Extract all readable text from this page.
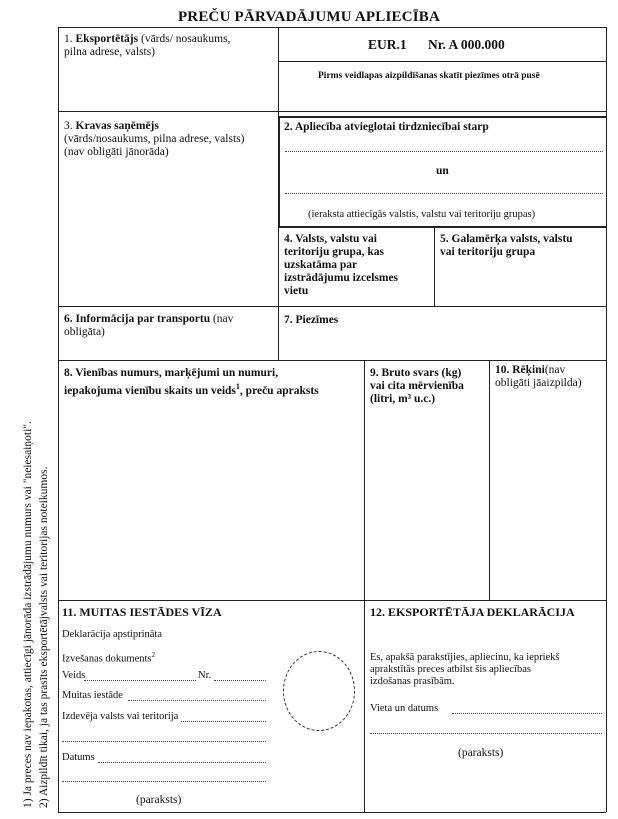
PREČU PĀRVADĀJUMU APLIECĪBA
1. Eksportētājs (vārds/ nosaukums,
pilna adrese, valsts)	EUR.1 Nr. A 000.000
Pirms veidlapas aizpildīšanas skatīt piezīmes otrā pusē
3. Kravas saņēmējs
(vārds/nosaukums, pilna adrese, valsts)
(nav obligāti jānorāda)
2. Apliecība atvieglotai tirdzniecībai starp
un
(ieraksta attiecīgās valstis, valstu vai teritoriju grupas)
4. Valsts, valstu vai
teritoriju grupa, kas
uzskatāma par
izstrādājumu izcelsmes
vietu
5. Galamērķa valsts, valstu
vai teritoriju grupa
6. Informācija par transportu (nav
obligāta)
7. Piezīmes
8. Vienības numurs, marķējumi un numuri,
iepakojuma vienību skaits un veids$^1$, preču apraksts
9. Bruto svars (kg)
vai cita mērvienība
(litri, m³ u.c.)
10. Rēķini(nav
obligāti jāaizpilda)
11. MUITAS IESTĀDES VĪZA
Deklarācija apstiprināta
Izvešanas dokuments$^2$
Veids	Nr.
Muitas iestāde
Izdevēja valsts vai teritorija
Datums
(paraksts)
12. EKSPORTĒTĀJA DEKLARĀCIJA
Es, apakšā parakstījies, apliecinu, ka iepriekš
aprakstītās preces atbilst šis apliecības
izdošanas prasībām.
Vieta un datums
(paraksts)
1) Ja preces nav iepakotas, attiecīgi jānorāda izstrādājumu numurs vai "neiesaiņoti". 2) Aizpildīt tikai, ja tas prasīts eksportētājvalsts vai teritorijas noteikumos.
